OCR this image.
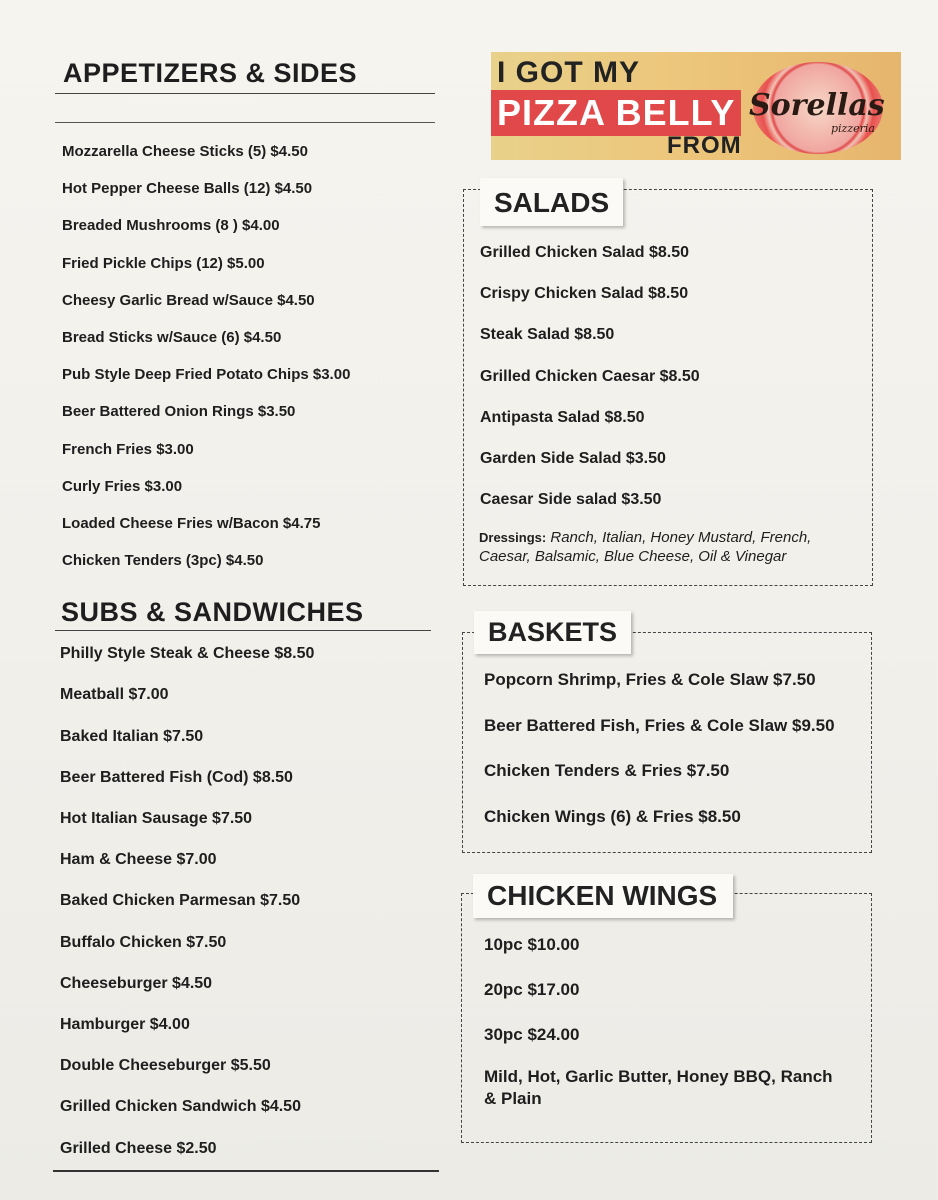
APPETIZERS & SIDES
Mozzarella Cheese Sticks (5) $4.50
Hot Pepper Cheese Balls (12) $4.50
Breaded Mushrooms (8 ) $4.00
Fried Pickle Chips (12) $5.00
Cheesy Garlic Bread w/Sauce $4.50
Bread Sticks w/Sauce (6) $4.50
Pub Style Deep Fried Potato Chips $3.00
Beer Battered Onion Rings $3.50
French Fries $3.00
Curly Fries $3.00
Loaded Cheese Fries w/Bacon $4.75
Chicken Tenders (3pc) $4.50
SUBS & SANDWICHES
Philly Style Steak & Cheese $8.50
Meatball $7.00
Baked Italian $7.50
Beer Battered Fish (Cod) $8.50
Hot Italian Sausage $7.50
Ham & Cheese $7.00
Baked Chicken Parmesan $7.50
Buffalo Chicken $7.50
Cheeseburger $4.50
Hamburger $4.00
Double Cheeseburger $5.50
Grilled Chicken Sandwich $4.50
Grilled Cheese $2.50
I GOT MY
PIZZA BELLY
FROM
Sorellas
pizzeria
Grilled Chicken Salad $8.50
Crispy Chicken Salad $8.50
Steak Salad $8.50
Grilled Chicken Caesar $8.50
Antipasta Salad $8.50
Garden Side Salad $3.50
Caesar Side salad $3.50
Dressings: Ranch, Italian, Honey Mustard, French, Caesar, Balsamic, Blue Cheese, Oil & Vinegar
SALADS
Popcorn Shrimp, Fries & Cole Slaw $7.50
Beer Battered Fish, Fries & Cole Slaw $9.50
Chicken Tenders & Fries $7.50
Chicken Wings (6) & Fries $8.50
BASKETS
10pc $10.00
20pc $17.00
30pc $24.00
Mild, Hot, Garlic Butter, Honey BBQ, Ranch & Plain
CHICKEN WINGS
